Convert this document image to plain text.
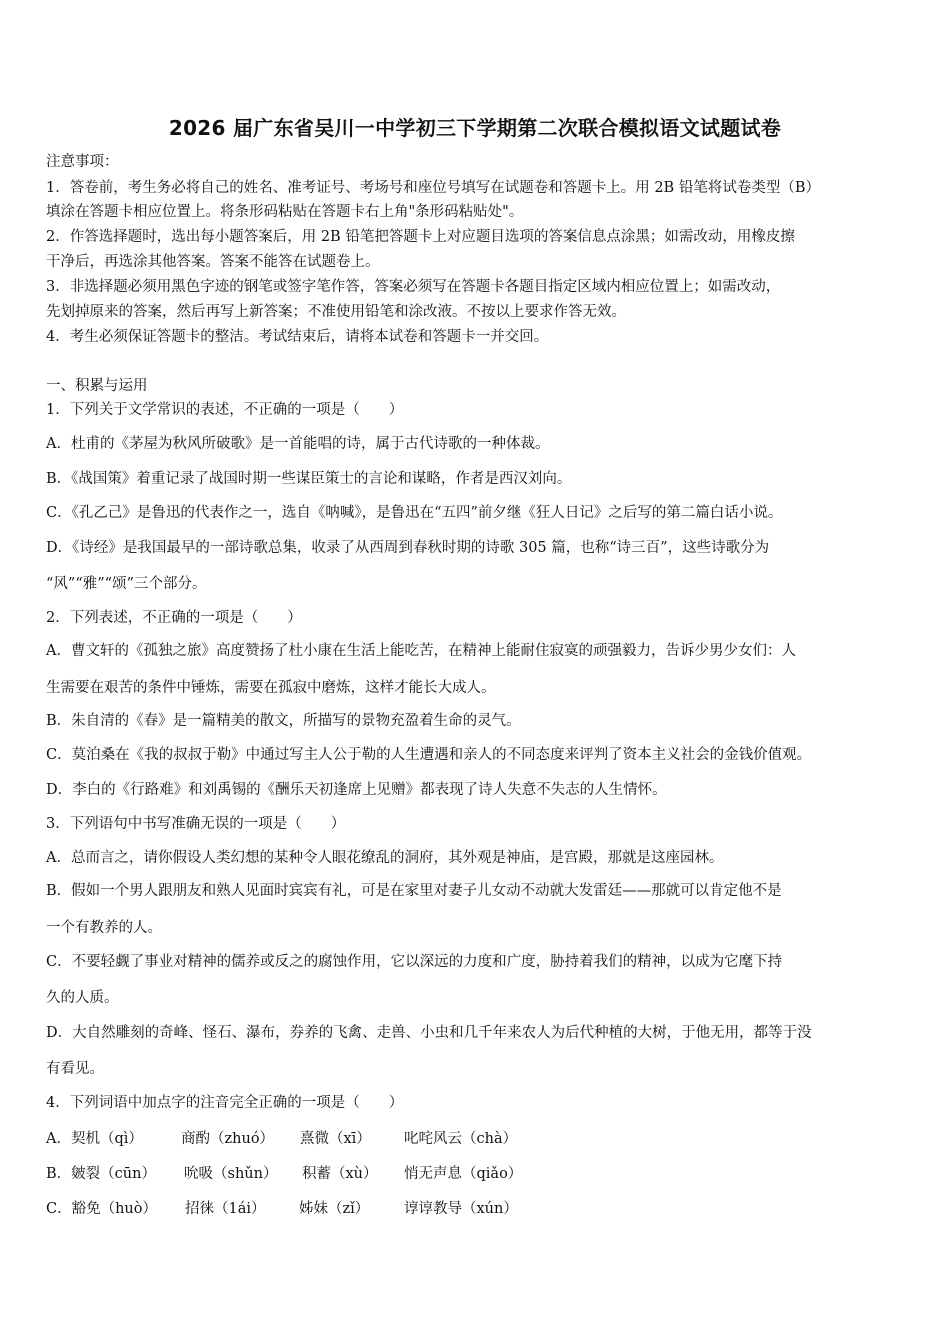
2026 届广东省吴川一中学初三下学期第二次联合模拟语文试题试卷
注意事项：
1．答卷前，考生务必将自己的姓名、准考证号、考场号和座位号填写在试题卷和答题卡上。用 2B 铅笔将试卷类型（B）
填涂在答题卡相应位置上。将条形码粘贴在答题卡右上角"条形码粘贴处"。
2．作答选择题时，选出每小题答案后，用 2B 铅笔把答题卡上对应题目选项的答案信息点涂黑；如需改动，用橡皮擦
干净后，再选涂其他答案。答案不能答在试题卷上。
3．非选择题必须用黑色字迹的钢笔或签字笔作答，答案必须写在答题卡各题目指定区域内相应位置上；如需改动，
先划掉原来的答案，然后再写上新答案；不准使用铅笔和涂改液。不按以上要求作答无效。
4．考生必须保证答题卡的整洁。考试结束后，请将本试卷和答题卡一并交回。
一、积累与运用
1．下列关于文学常识的表述，不正确的一项是（　　）
A．杜甫的《茅屋为秋风所破歌》是一首能唱的诗，属于古代诗歌的一种体裁。
B．《战国策》着重记录了战国时期一些谋臣策士的言论和谋略，作者是西汉刘向。
C．《孔乙己》是鲁迅的代表作之一，选自《呐喊》，是鲁迅在“五四”前夕继《狂人日记》之后写的第二篇白话小说。
D．《诗经》是我国最早的一部诗歌总集，收录了从西周到春秋时期的诗歌 305 篇，也称“诗三百”，这些诗歌分为
“风”“雅”“颂”三个部分。
2．下列表述，不正确的一项是（　　）
A．曹文轩的《孤独之旅》高度赞扬了杜小康在生活上能吃苦，在精神上能耐住寂寞的顽强毅力，告诉少男少女们：人
生需要在艰苦的条件中锤炼，需要在孤寂中磨炼，这样才能长大成人。
B．朱自清的《春》是一篇精美的散文，所描写的景物充盈着生命的灵气。
C．莫泊桑在《我的叔叔于勒》中通过写主人公于勒的人生遭遇和亲人的不同态度来评判了资本主义社会的金钱价值观。
D．李白的《行路难》和刘禹锡的《酬乐天初逢席上见赠》都表现了诗人失意不失志的人生情怀。
3．下列语句中书写准确无误的一项是（　　）
A．总而言之，请你假设人类幻想的某种令人眼花缭乱的洞府，其外观是神庙，是宫殿，那就是这座园林。
B．假如一个男人跟朋友和熟人见面时宾宾有礼，可是在家里对妻子儿女动不动就大发雷廷——那就可以肯定他不是
一个有教养的人。
C．不要轻觑了事业对精神的儒养或反之的腐蚀作用，它以深远的力度和广度，胁持着我们的精神，以成为它麾下持
久的人质。
D．大自然雕刻的奇峰、怪石、瀑布，券养的飞禽、走兽、小虫和几千年来农人为后代种植的大树，于他无用，都等于没
有看见。
4．下列词语中加点字的注音完全正确的一项是（　　）
A．契机（qì）	商酌（zhuó） 熹微（xī） 叱咤风云（chà）
B．皴裂（cūn） 吮吸（shǔn） 积蓄（xù） 悄无声息（qiǎo）
C．豁免（huò） 招徕（1ái） 姊妹（zǐ） 谆谆教导（xún）
